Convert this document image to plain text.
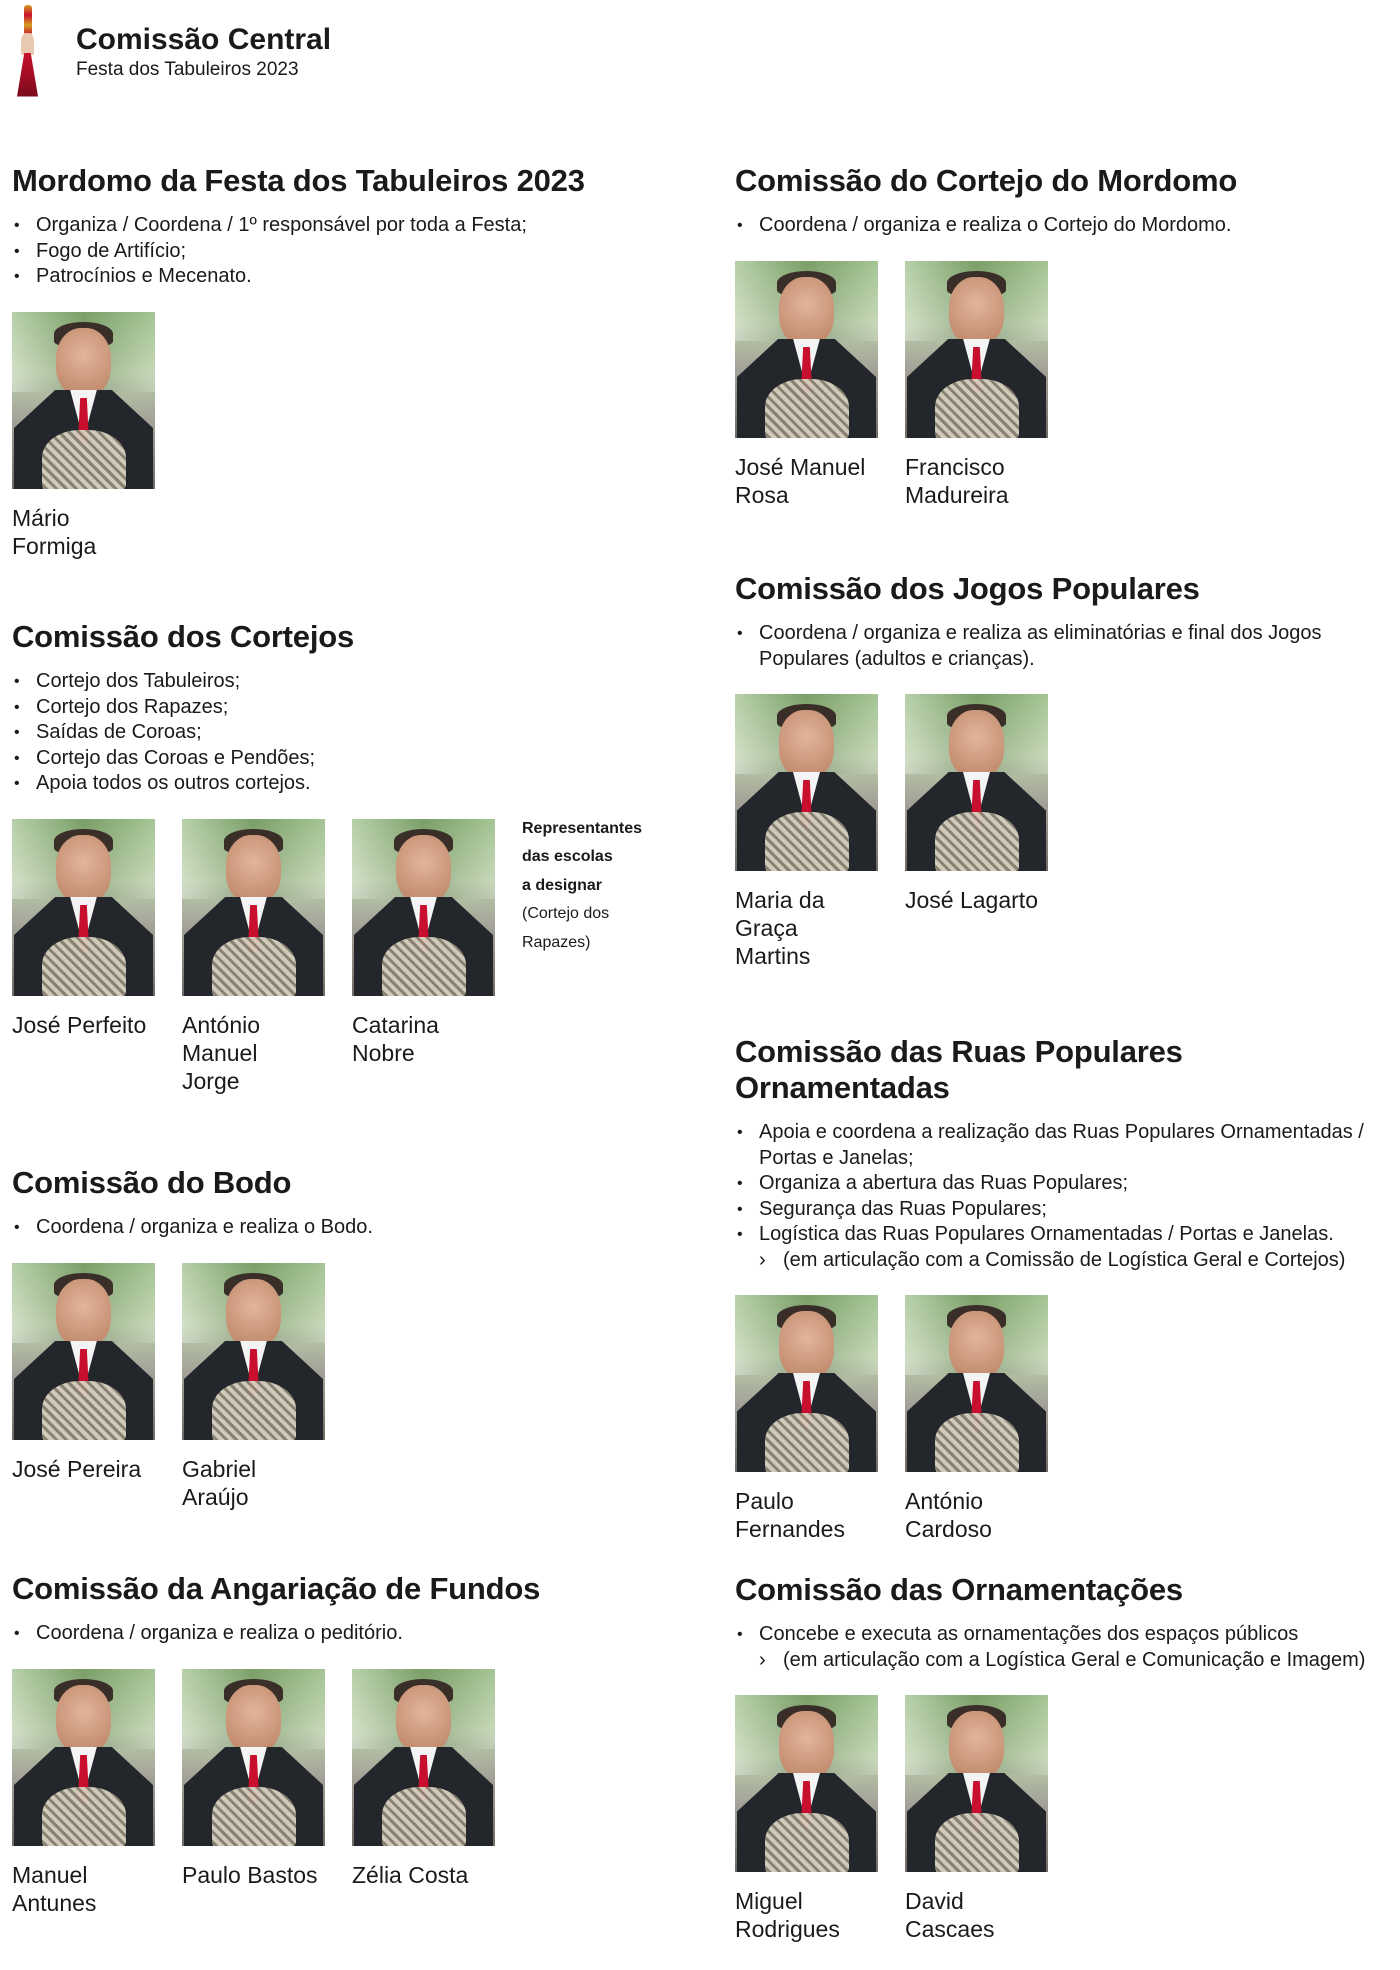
Comissão Central
Festa dos Tabuleiros 2023
Mordomo da Festa dos Tabuleiros 2023
• Organiza / Coordena / 1º responsável por toda a Festa;
• Fogo de Artifício;
• Patrocínios e Mecenato.
Mário
Formiga
Comissão do Cortejo do Mordomo
• Coordena / organiza e realiza o Cortejo do Mordomo.
José Manuel
Rosa
Francisco
Madureira
Comissão dos Jogos Populares
• Coordena / organiza e realiza as eliminatórias e final dos Jogos Populares (adultos e crianças).
Maria da
Graça
Martins
José Lagarto
Comissão dos Cortejos
• Cortejo dos Tabuleiros;
• Cortejo dos Rapazes;
• Saídas de Coroas;
• Cortejo das Coroas e Pendões;
• Apoia todos os outros cortejos.
José Perfeito	António
Manuel
Jorge
Catarina
Nobre
Representantes
das escolas
a designar
(Cortejo dos
Rapazes)

Comissão das Ruas Populares Ornamentadas
• Apoia e coordena a realização das Ruas Populares Ornamentadas / Portas e Janelas;
• Organiza a abertura das Ruas Populares;
• Segurança das Ruas Populares;
• Logística das Ruas Populares Ornamentadas / Portas e Janelas.
› (em articulação com a Comissão de Logística Geral e Cortejos)
Paulo
Fernandes
António
Cardoso
Comissão do Bodo
• Coordena / organiza e realiza o Bodo.
José Pereira	Gabriel
Araújo
Comissão da Angariação de Fundos
• Coordena / organiza e realiza o peditório.
Manuel
Antunes
Paulo Bastos	Zélia Costa
Comissão das Ornamentações
• Concebe e executa as ornamentações dos espaços públicos
› (em articulação com a Logística Geral e Comunicação e Imagem)
Miguel
Rodrigues
David
Cascaes
